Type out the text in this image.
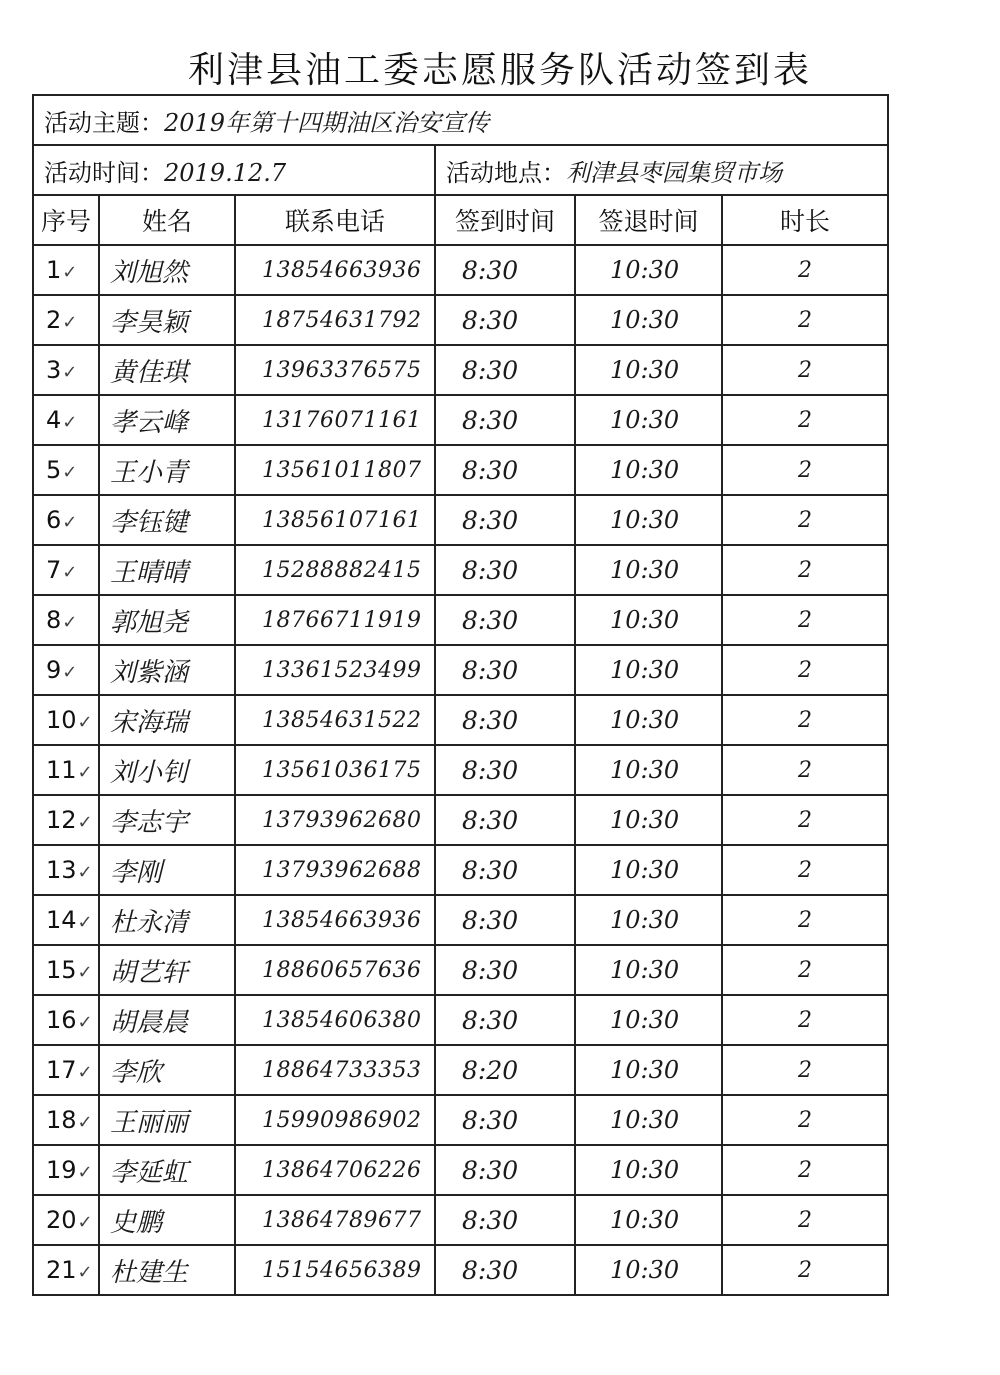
利津县油工委志愿服务队活动签到表
活动主题：2019年第十四期油区治安宣传					
活动时间：2019.12.7			活动地点：利津县枣园集贸市场		
序号	姓名	联系电话	签到时间	签退时间	时长
1✓	刘旭然	13854663936	8:30	10:30	2
2✓	李昊颖	18754631792	8:30	10:30	2
3✓	黄佳琪	13963376575	8:30	10:30	2
4✓	孝云峰	13176071161	8:30	10:30	2
5✓	王小青	13561011807	8:30	10:30	2
6✓	李钰键	13856107161	8:30	10:30	2
7✓	王晴晴	15288882415	8:30	10:30	2
8✓	郭旭尧	18766711919	8:30	10:30	2
9✓	刘紫涵	13361523499	8:30	10:30	2
10✓	宋海瑞	13854631522	8:30	10:30	2
11✓	刘小钊	13561036175	8:30	10:30	2
12✓	李志宇	13793962680	8:30	10:30	2
13✓	李刚	13793962688	8:30	10:30	2
14✓	杜永清	13854663936	8:30	10:30	2
15✓	胡艺轩	18860657636	8:30	10:30	2
16✓	胡晨晨	13854606380	8:30	10:30	2
17✓	李欣	18864733353	8:20	10:30	2
18✓	王丽丽	15990986902	8:30	10:30	2
19✓	李延虹	13864706226	8:30	10:30	2
20✓	史鹏	13864789677	8:30	10:30	2
21✓	杜建生	15154656389	8:30	10:30	2
